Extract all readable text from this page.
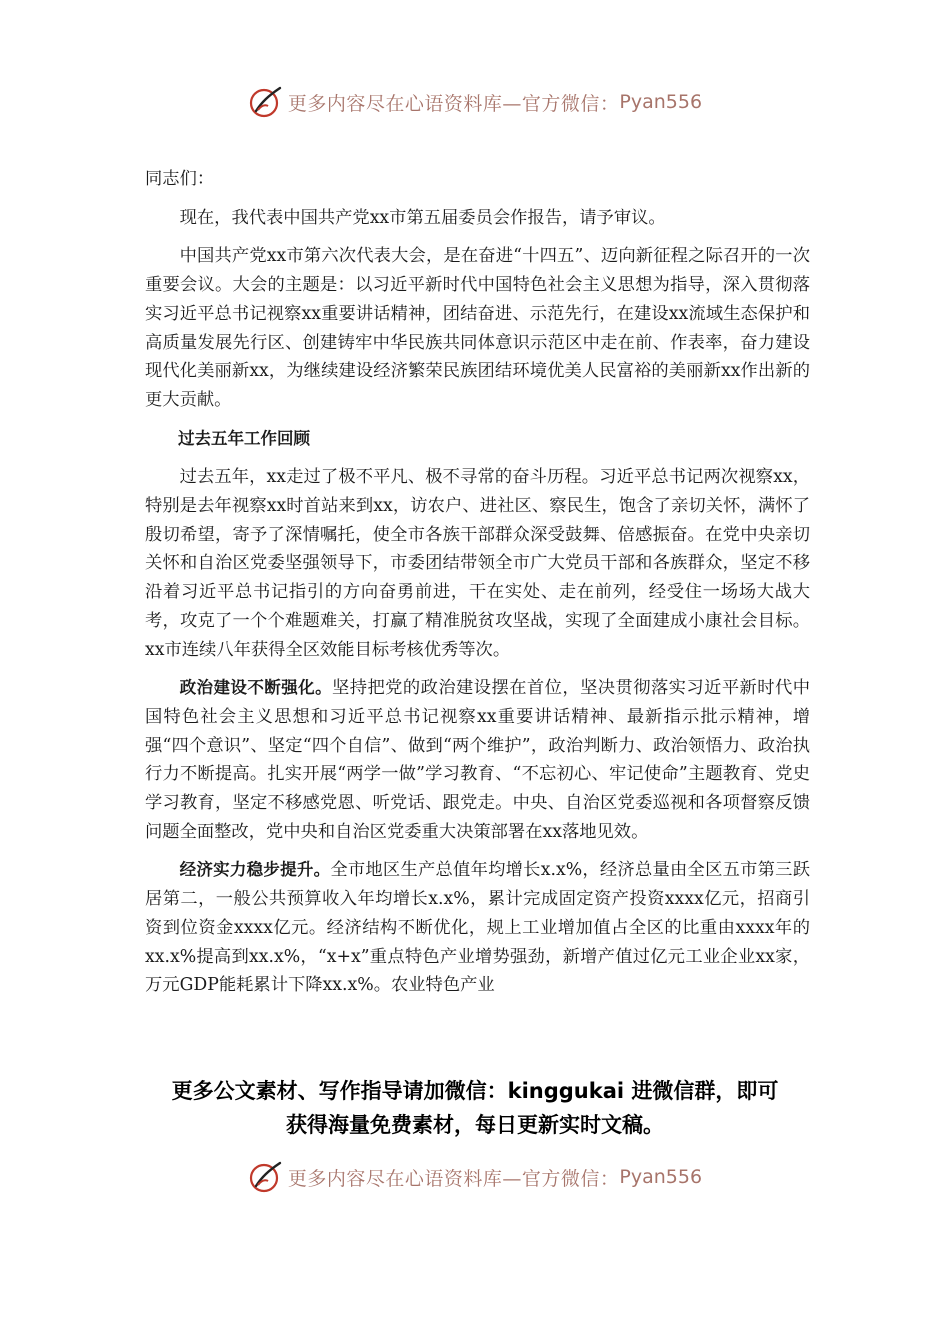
更多内容尽在心语资料库—官方微信： Pyan556

同志们：

现在，我代表中国共产党xx市第五届委员会作报告，请予审议。

中国共产党xx市第六次代表大会，是在奋进“十四五”、迈向新征程之际召开的一次重要会议。大会的主题是：以习近平新时代中国特色社会主义思想为指导，深入贯彻落实习近平总书记视察xx重要讲话精神，团结奋进、示范先行，在建设xx流域生态保护和高质量发展先行区、创建铸牢中华民族共同体意识示范区中走在前、作表率，奋力建设现代化美丽新xx，为继续建设经济繁荣民族团结环境优美人民富裕的美丽新xx作出新的更大贡献。

过去五年工作回顾

过去五年，xx走过了极不平凡、极不寻常的奋斗历程。习近平总书记两次视察xx，特别是去年视察xx时首站来到xx，访农户、进社区、察民生，饱含了亲切关怀，满怀了殷切希望，寄予了深情嘱托，使全市各族干部群众深受鼓舞、倍感振奋。在党中央亲切关怀和自治区党委坚强领导下，市委团结带领全市广大党员干部和各族群众，坚定不移沿着习近平总书记指引的方向奋勇前进，干在实处、走在前列，经受住一场场大战大考，攻克了一个个难题难关，打赢了精准脱贫攻坚战，实现了全面建成小康社会目标。xx市连续八年获得全区效能目标考核优秀等次。

政治建设不断强化。坚持把党的政治建设摆在首位，坚决贯彻落实习近平新时代中国特色社会主义思想和习近平总书记视察xx重要讲话精神、最新指示批示精神，增强“四个意识”、坚定“四个自信”、做到“两个维护”，政治判断力、政治领悟力、政治执行力不断提高。扎实开展“两学一做”学习教育、“不忘初心、牢记使命”主题教育、党史学习教育，坚定不移感党恩、听党话、跟党走。中央、自治区党委巡视和各项督察反馈问题全面整改，党中央和自治区党委重大决策部署在xx落地见效。

经济实力稳步提升。全市地区生产总值年均增长x.x%，经济总量由全区五市第三跃居第二，一般公共预算收入年均增长x.x%，累计完成固定资产投资xxxx亿元，招商引资到位资金xxxx亿元。经济结构不断优化，规上工业增加值占全区的比重由xxxx年的xx.x%提高到xx.x%，“x+x”重点特色产业增势强劲，新增产值过亿元工业企业xx家，万元GDP能耗累计下降xx.x%。农业特色产业

更多公文素材、写作指导请加微信：kinggukai 进微信群，即可
获得海量免费素材，每日更新实时文稿。
更多内容尽在心语资料库—官方微信： Pyan556
